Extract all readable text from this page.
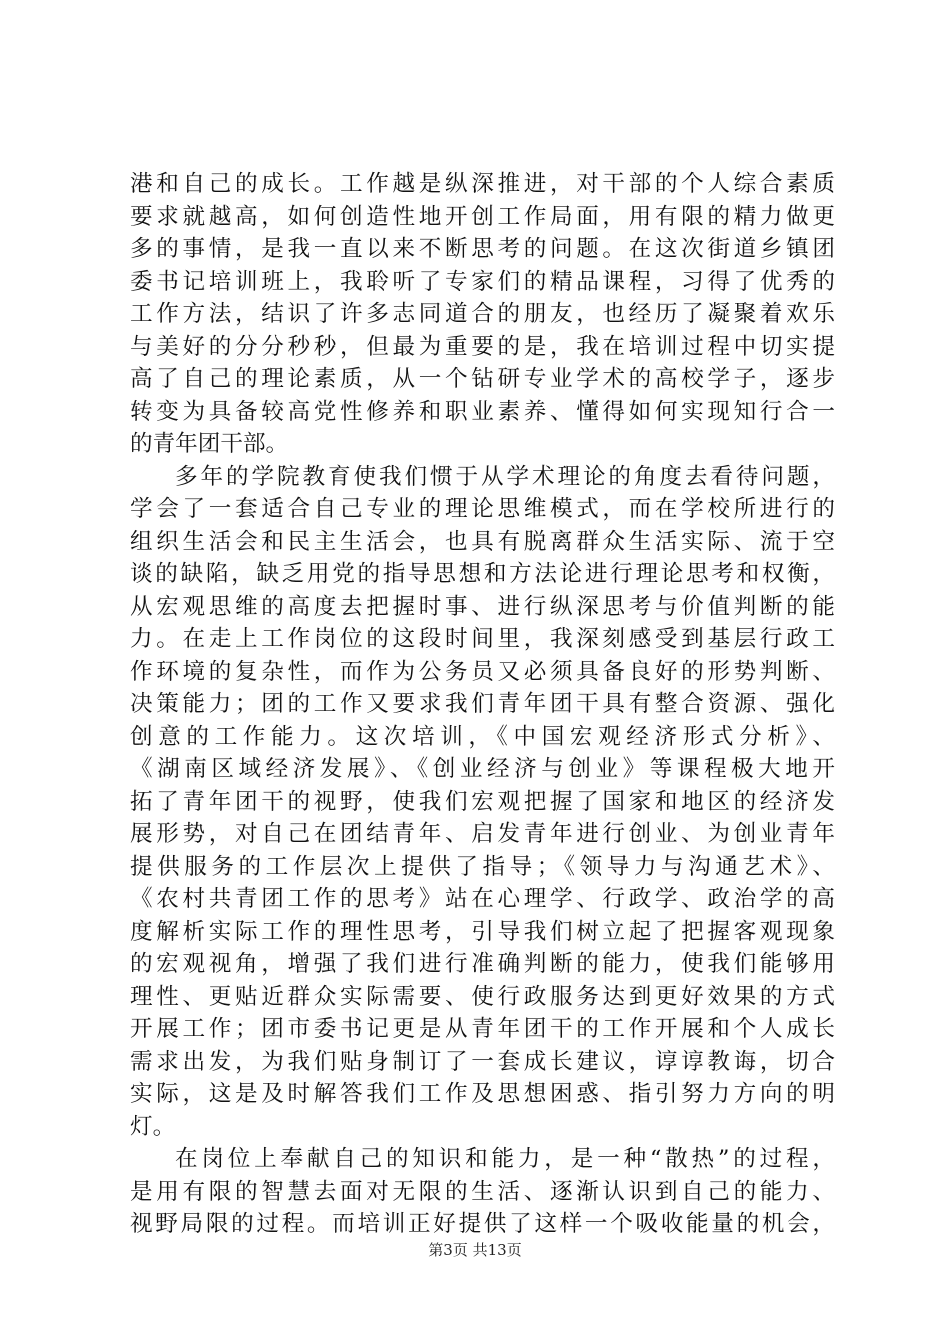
港和自己的成长。工作越是纵深推进，对干部的个人综合素质
要求就越高，如何创造性地开创工作局面，用有限的精力做更
多的事情，是我一直以来不断思考的问题。在这次街道乡镇团
委书记培训班上，我聆听了专家们的精品课程，习得了优秀的
工作方法，结识了许多志同道合的朋友，也经历了凝聚着欢乐
与美好的分分秒秒，但最为重要的是，我在培训过程中切实提
高了自己的理论素质，从一个钻研专业学术的高校学子，逐步
转变为具备较高党性修养和职业素养、懂得如何实现知行合一
的青年团干部。
多年的学院教育使我们惯于从学术理论的角度去看待问题，
学会了一套适合自己专业的理论思维模式，而在学校所进行的
组织生活会和民主生活会，也具有脱离群众生活实际、流于空
谈的缺陷，缺乏用党的指导思想和方法论进行理论思考和权衡，
从宏观思维的高度去把握时事、进行纵深思考与价值判断的能
力。在走上工作岗位的这段时间里，我深刻感受到基层行政工
作环境的复杂性，而作为公务员又必须具备良好的形势判断、
决策能力；团的工作又要求我们青年团干具有整合资源、强化
创意的工作能力。这次培训，《中国宏观经济形式分析》、
《湖南区域经济发展》、《创业经济与创业》等课程极大地开
拓了青年团干的视野，使我们宏观把握了国家和地区的经济发
展形势，对自己在团结青年、启发青年进行创业、为创业青年
提供服务的工作层次上提供了指导；《领导力与沟通艺术》、
《农村共青团工作的思考》站在心理学、行政学、政治学的高
度解析实际工作的理性思考，引导我们树立起了把握客观现象
的宏观视角，增强了我们进行准确判断的能力，使我们能够用
理性、更贴近群众实际需要、使行政服务达到更好效果的方式
开展工作；团市委书记更是从青年团干的工作开展和个人成长
需求出发，为我们贴身制订了一套成长建议，谆谆教诲，切合
实际，这是及时解答我们工作及思想困惑、指引努力方向的明
灯。
在岗位上奉献自己的知识和能力，是一种“散热”的过程，
是用有限的智慧去面对无限的生活、逐渐认识到自己的能力、
视野局限的过程。而培训正好提供了这样一个吸收能量的机会，
第3页 共13页
